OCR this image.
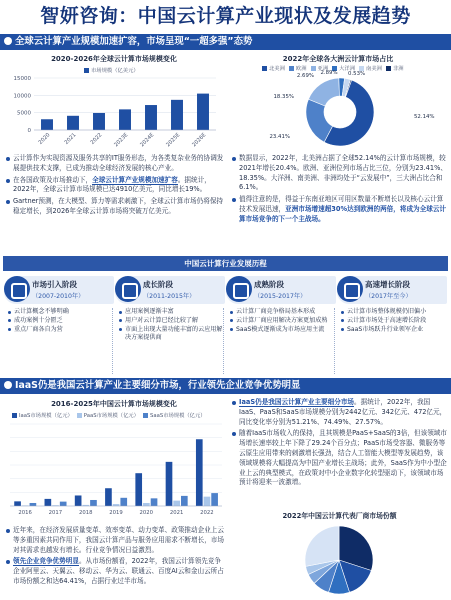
智妍咨询：中国云计算产业现状及发展趋势
全球云计算产业规模加速扩容，市场呈现“一超多强”态势
2020-2026年全球云计算市场规模变化
市场规模（亿美元）
0
5000
10000
15000
2020 2021 2022 2023E 2024E 2025E 2026E
2022年全球各大洲云计算市场占比
北美洲 欧洲 亚洲 大洋洲 南美洲 非洲
52.14%
23.41%
18.35%
2.69% 2.89% 0.53%

云计算作为实现资源及服务共享的IT服务形态，为各类复杂业务的协调发展提供技术支撑，已成为推动全球经济发展的核心产业。

在各国政策及市场推动下，全球云计算产业规模加速扩容。据统计，2022年，全球云计算市场规模已达4910亿美元，同比增长19%。

Gartner预测，在大模型、算力等需求刺激下，全球云计算市场仍将保持稳定增长，到2026年全球云计算市场将突破万亿美元。

数据显示，2022年，北美洲占据了全球52.14%的云计算市场规模，较2021年增长20.4%。欧洲、亚洲位列市场占比三位，分别为23.41%、18.35%。大洋洲、南美洲、非洲均处于“云发展中”，三大洲占比合和6.1%。

值得注意的是，得益于东南亚地区可用区数量不断增长以及核心云计算技术发展迅速，亚洲市场增速超30%达到欧洲的两倍，将成为全球云计算市场竞争的下一个主战场。

中国云计算行业发展历程
市场引入阶段
（2007-2010年）
云计算概念不够明确
成功案例十分匮乏
重点厂商各自为营
成长阶段
（2011-2015年）
应用案例逐渐丰富
用户对云计算已经比较了解
市面上出现大量功能丰富的云应用解决方案提供商
成熟阶段
（2015-2017年）
云计算厂商竞争格局基本形成
云计算厂商应用解决方案更加成熟
SaaS模式逐渐成为市场应用主流
高速增长阶段
（2017年至今）
云计算市场整体规模仍旧偏小
云计算市场处于高速增长阶段
SaaS市场跃升行业领军企业
IaaS仍是我国云计算产业主要细分市场，行业领先企业竞争优势明显
2016-2025年中国云计算市场规模变化
IaaS市场规模（亿元） PaaS市场规模（亿元） SaaS市场规模（亿元）
2016	2017	2018	2019	2020	2021	2022

IaaS仍是我国云计算产业主要细分市场。据统计，2022年，我国IaaS、PaaS和SaaS市场规模分别为2442亿元、342亿元、472亿元，同比变化率分别为51.21%、74.49%、27.57%。

随着IaaS市场收入的保持，且其规模是PaaS+SaaS的3倍，但该领域市场增长速率较上年下降了29.24个百分点；PaaS市场受容器、微服务等云原生应用带来的刺激增长强劲，结合人工智能大模型等发展趋势，该领域规模将大幅提高为中国产业增长主战场；此外，SaaS作为中小型企业上云的典型模式，在政策对中小企业数字化转型驱动下，该领域市场预计将迎来一波激增。

2022年中国云计算代表厂商市场份额

近年来，在经济发展质量变革、效率变革、动力变革、政策推动企业上云等多重因素共同作用下，我国云计算产品与服务应用需求不断增长，市场对其需求也越发有增长。行业竞争情况日益激烈。

领先企业竞争优势明显。从市场份额看，2022年，我国云计算领先竞争企业阿里云、天翼云、移动云、华为云、联通云、百度AI云和金山云所占市场份额之和达64.41%，占据行业过半市场。
